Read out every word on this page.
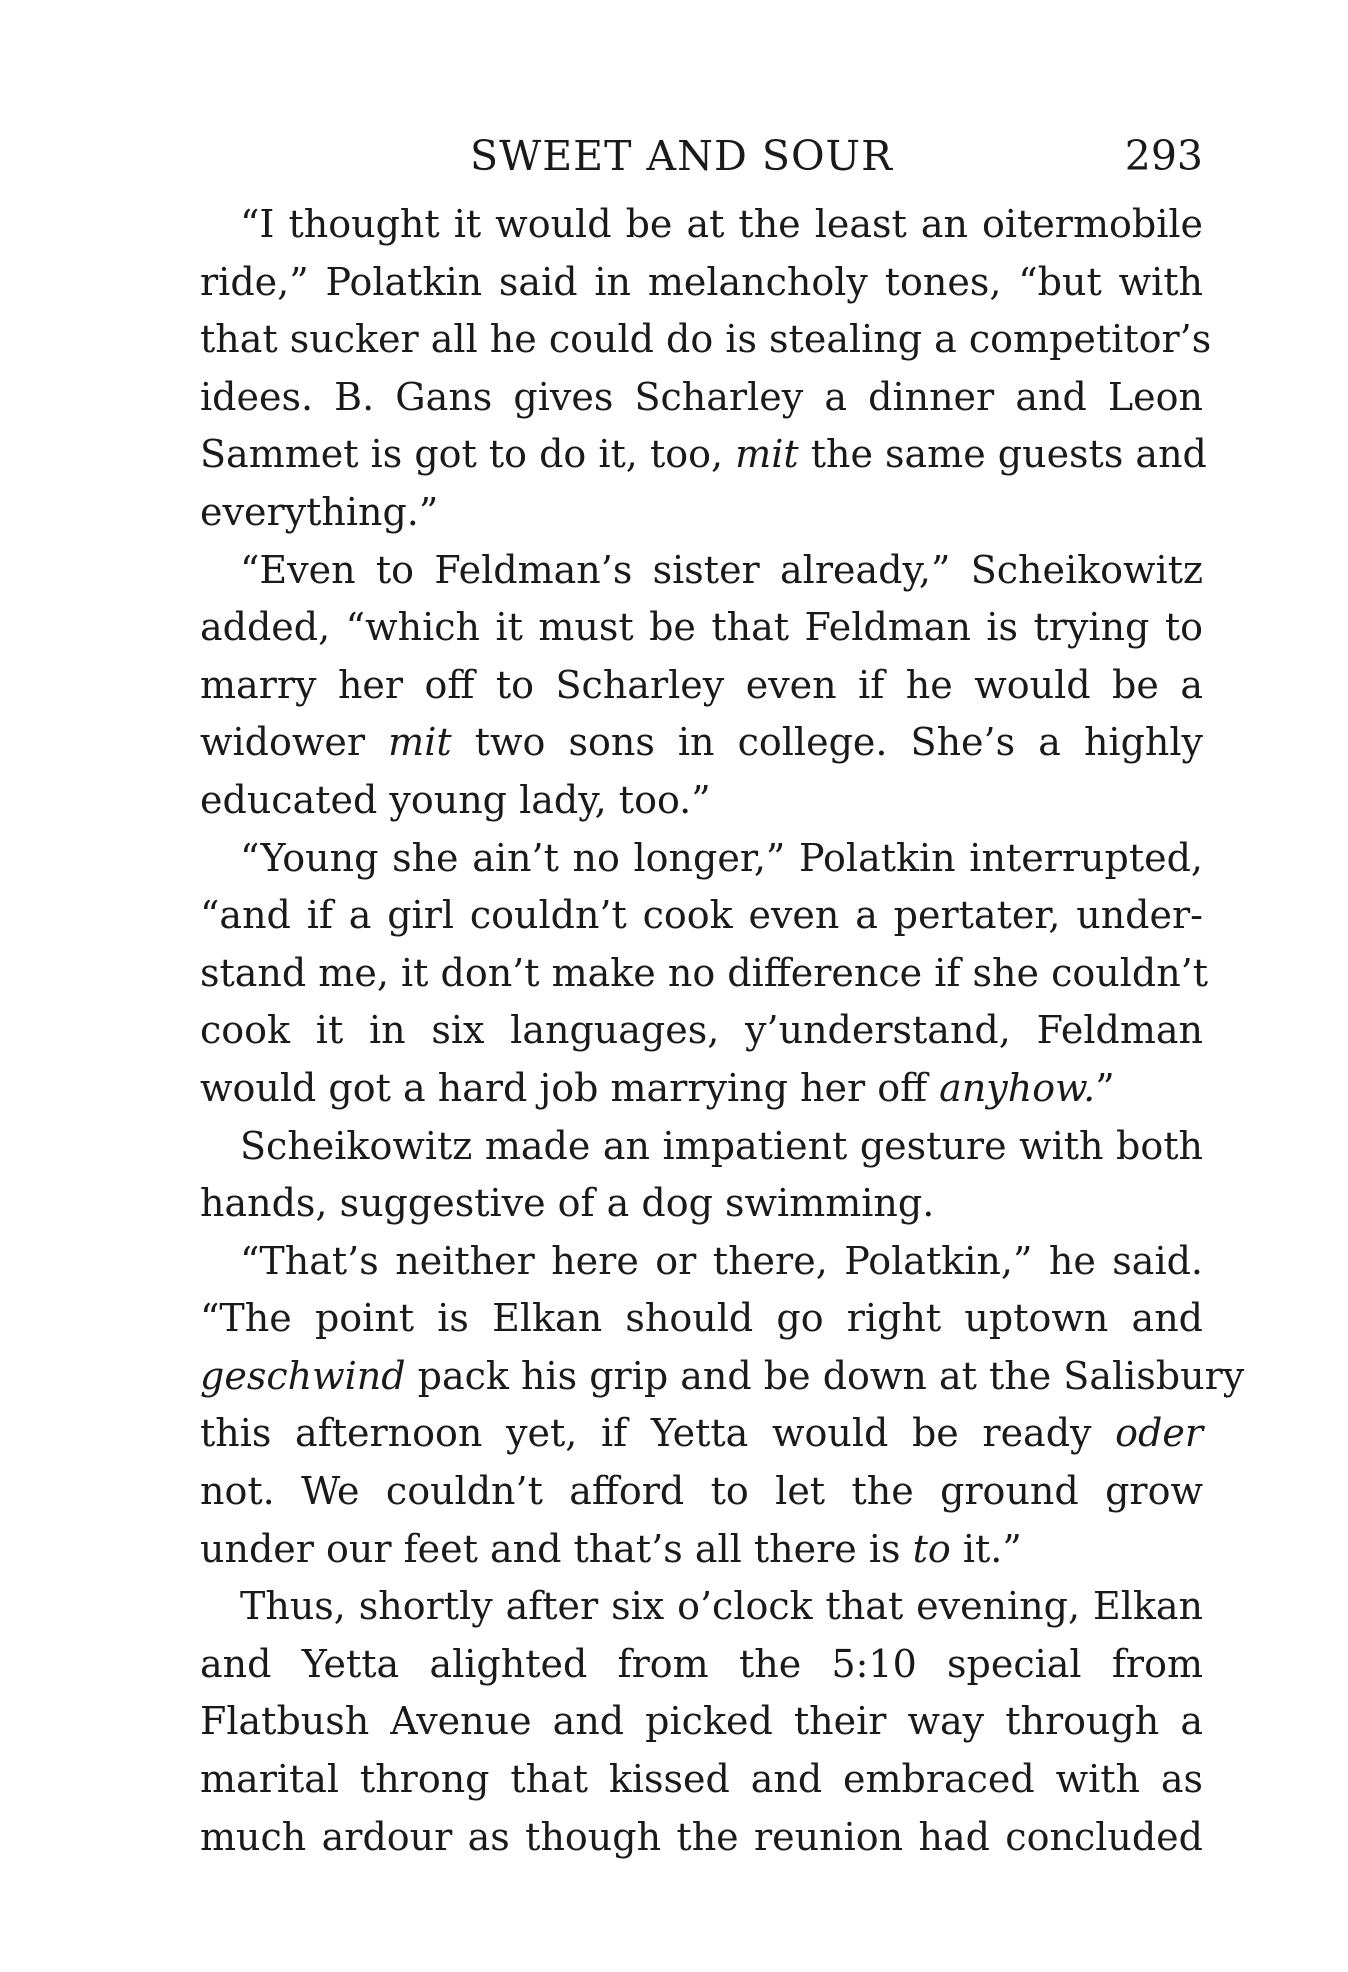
SWEET AND SOUR	293
“I thought it would be at the least an oitermobile
ride,” Polatkin said in melancholy tones, “but with
that sucker all he could do is stealing a competitor’s
idees. B. Gans gives Scharley a dinner and Leon
Sammet is got to do it, too, mit the same guests and
everything.”
“Even to Feldman’s sister already,” Scheikowitz
added, “which it must be that Feldman is trying to
marry her off to Scharley even if he would be a
widower mit two sons in college. She’s a highly
educated young lady, too.”
“Young she ain’t no longer,” Polatkin interrupted,
“and if a girl couldn’t cook even a pertater, under-
stand me, it don’t make no difference if she couldn’t
cook it in six languages, y’understand, Feldman
would got a hard job marrying her off anyhow.”
Scheikowitz made an impatient gesture with both
hands, suggestive of a dog swimming.
“That’s neither here or there, Polatkin,” he said.
“The point is Elkan should go right uptown and
geschwind pack his grip and be down at the Salisbury
this afternoon yet, if Yetta would be ready oder
not. We couldn’t afford to let the ground grow
under our feet and that’s all there is to it.”
Thus, shortly after six o’clock that evening, Elkan
and Yetta alighted from the 5:10 special from
Flatbush Avenue and picked their way through a
marital throng that kissed and embraced with as
much ardour as though the reunion had concluded
